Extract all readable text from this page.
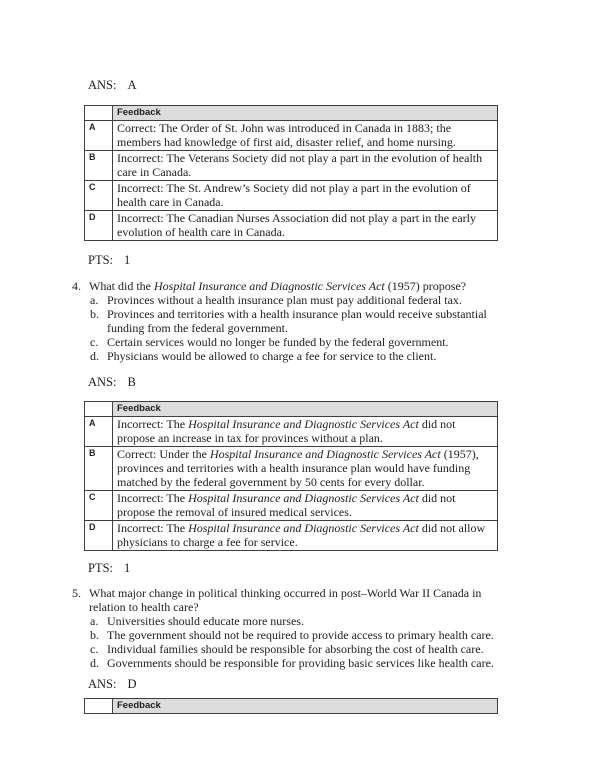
ANS: A
	Feedback
A	Correct: The Order of St. John was introduced in Canada in 1883; the members had knowledge of first aid, disaster relief, and home nursing.
B	Incorrect: The Veterans Society did not play a part in the evolution of health care in Canada.
C	Incorrect: The St. Andrew’s Society did not play a part in the evolution of health care in Canada.
D	Incorrect: The Canadian Nurses Association did not play a part in the early evolution of health care in Canada.
PTS: 1
4. What did the Hospital Insurance and Diagnostic Services Act (1957) propose?
a. Provinces without a health insurance plan must pay additional federal tax.
b. Provinces and territories with a health insurance plan would receive substantial funding from the federal government.
c. Certain services would no longer be funded by the federal government.
d. Physicians would be allowed to charge a fee for service to the client.
ANS: B
	Feedback
A	Incorrect: The Hospital Insurance and Diagnostic Services Act did not propose an increase in tax for provinces without a plan.
B	Correct: Under the Hospital Insurance and Diagnostic Services Act (1957), provinces and territories with a health insurance plan would have funding matched by the federal government by 50 cents for every dollar.
C	Incorrect: The Hospital Insurance and Diagnostic Services Act did not propose the removal of insured medical services.
D	Incorrect: The Hospital Insurance and Diagnostic Services Act did not allow physicians to charge a fee for service.
PTS: 1
5. What major change in political thinking occurred in post–World War II Canada in relation to health care?
a. Universities should educate more nurses.
b. The government should not be required to provide access to primary health care.
c. Individual families should be responsible for absorbing the cost of health care.
d. Governments should be responsible for providing basic services like health care.
ANS: D
	Feedback
